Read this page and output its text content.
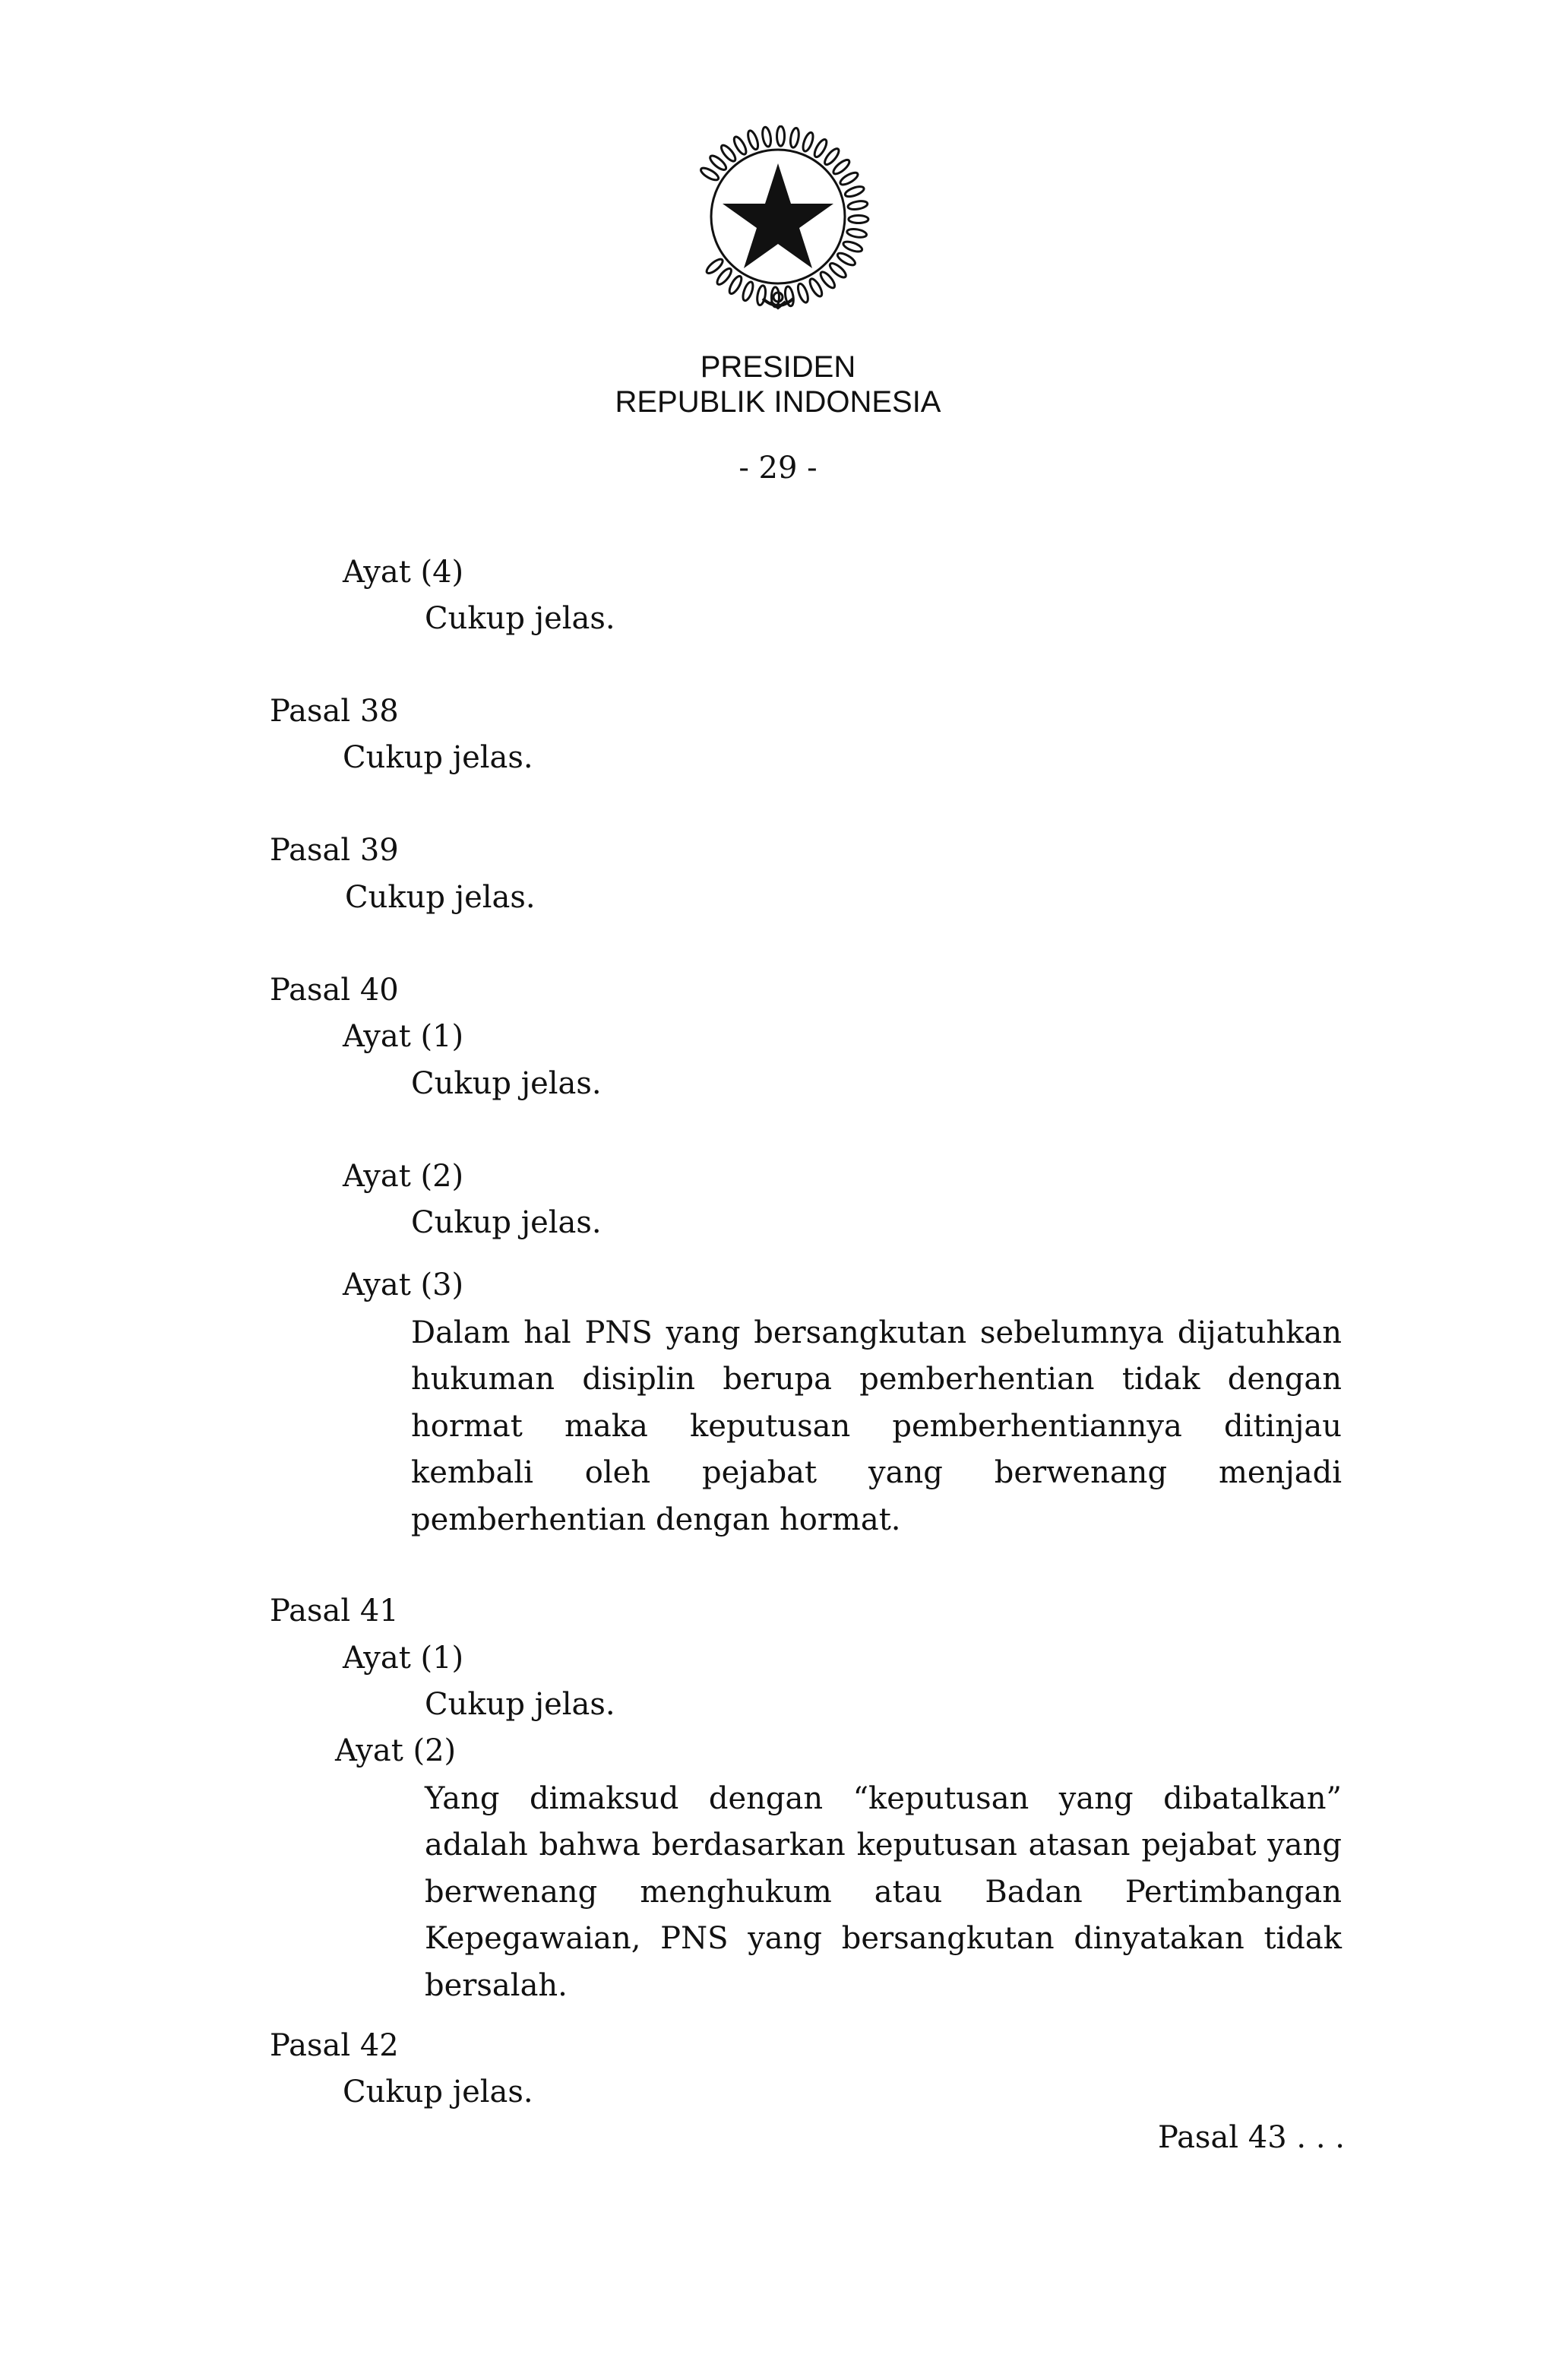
PRESIDEN
REPUBLIK INDONESIA
- 29 -
Ayat (4)
Cukup jelas.
Pasal 38
Cukup jelas.
Pasal 39
Cukup jelas.
Pasal 40
Ayat (1)
Cukup jelas.
Ayat (2)
Cukup jelas.
Ayat (3)
Dalam hal PNS yang bersangkutan sebelumnya dijatuhkan hukuman disiplin berupa pemberhentian tidak dengan hormat maka keputusan pemberhentiannya ditinjau kembali oleh pejabat yang berwenang menjadi pemberhentian dengan hormat.
Pasal 41
Ayat (1)
Cukup jelas.
Ayat (2)
Yang dimaksud dengan “keputusan yang dibatalkan” adalah bahwa berdasarkan keputusan atasan pejabat yang berwenang menghukum atau Badan Pertimbangan Kepegawaian, PNS yang bersangkutan dinyatakan tidak bersalah.
Pasal 42
Cukup jelas.
Pasal 43 . . .
